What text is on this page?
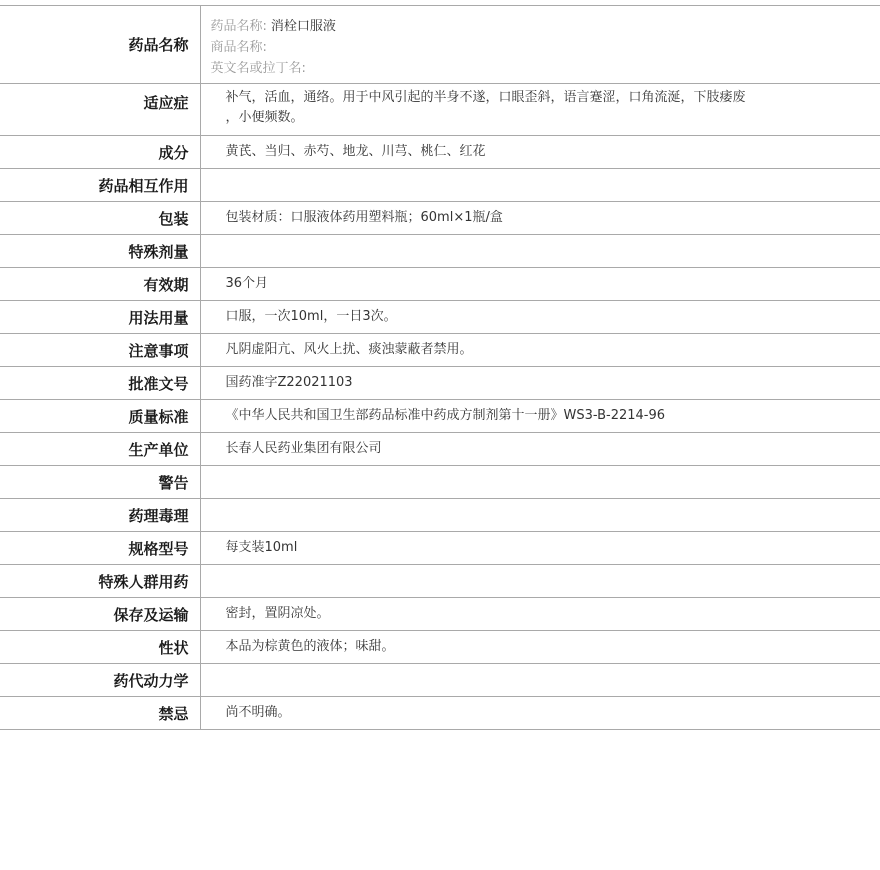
药品名称	药品名称: 消栓口服液
商品名称:
英文名或拉丁名:

适应症	补气，活血，通络。用于中风引起的半身不遂，口眼歪斜，语言蹇涩，口角流涎，下肢痿废
，小便频数。

成分	黄芪、当归、赤芍、地龙、川芎、桃仁、红花
药品相互作用	
包装	包装材质：口服液体药用塑料瓶；60ml×1瓶/盒
特殊剂量	
有效期	36个月
用法用量	口服，一次10ml，一日3次。
注意事项	凡阴虚阳亢、风火上扰、痰浊蒙蔽者禁用。
批准文号	国药准字Z22021103
质量标准	《中华人民共和国卫生部药品标准中药成方制剂第十一册》WS3-B-2214-96
生产单位	长春人民药业集团有限公司
警告	
药理毒理	
规格型号	每支装10ml
特殊人群用药	
保存及运输	密封，置阴凉处。
性状	本品为棕黄色的液体；味甜。
药代动力学	
禁忌	尚不明确。
